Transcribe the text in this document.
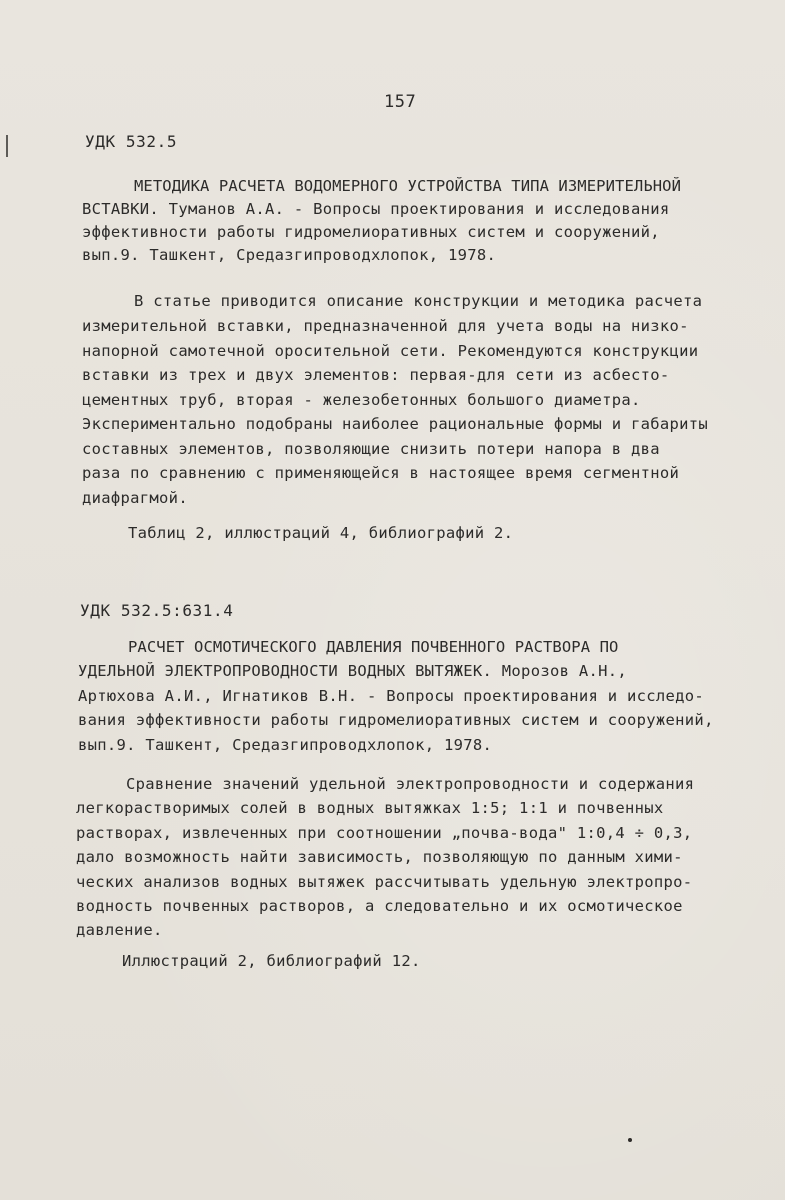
157
УДК 532.5
МЕТОДИКА РАСЧЕТА ВОДОМЕРНОГО УСТРОЙСТВА ТИПА ИЗМЕРИТЕЛЬНОЙ
ВСТАВКИ. Туманов А.А. - Вопросы проектирования и исследования
эффективности работы гидромелиоративных систем и сооружений,
вып.9. Ташкент, Средазгипроводхлопок, 1978.
В статье приводится описание конструкции и методика расчета
измерительной вставки, предназначенной для учета воды на низко-
напорной самотечной оросительной сети. Рекомендуются конструкции
вставки из трех и двух элементов: первая-для сети из асбесто-
цементных труб, вторая - железобетонных большого диаметра.
Экспериментально подобраны наиболее рациональные формы и габариты
составных элементов, позволяющие снизить потери напора в два
раза по сравнению с применяющейся в настоящее время сегментной
диафрагмой.
Таблиц 2, иллюстраций 4, библиографий 2.
УДК 532.5:631.4
РАСЧЕТ ОСМОТИЧЕСКОГО ДАВЛЕНИЯ ПОЧВЕННОГО РАСТВОРА ПО
УДЕЛЬНОЙ ЭЛЕКТРОПРОВОДНОСТИ ВОДНЫХ ВЫТЯЖЕК. Морозов А.Н.,
Артюхова А.И., Игнатиков В.Н. - Вопросы проектирования и исследо-
вания эффективности работы гидромелиоративных систем и сооружений,
вып.9. Ташкент, Средазгипроводхлопок, 1978.
Сравнение значений удельной электропроводности и содержания
легкорастворимых солей в водных вытяжках 1:5; 1:1 и почвенных
растворах, извлеченных при соотношении „почва-вода" 1:0,4 ÷ 0,3,
дало возможность найти зависимость, позволяющую по данным хими-
ческих анализов водных вытяжек рассчитывать удельную электропро-
водность почвенных растворов, а следовательно и их осмотическое
давление.
Иллюстраций 2, библиографий 12.
